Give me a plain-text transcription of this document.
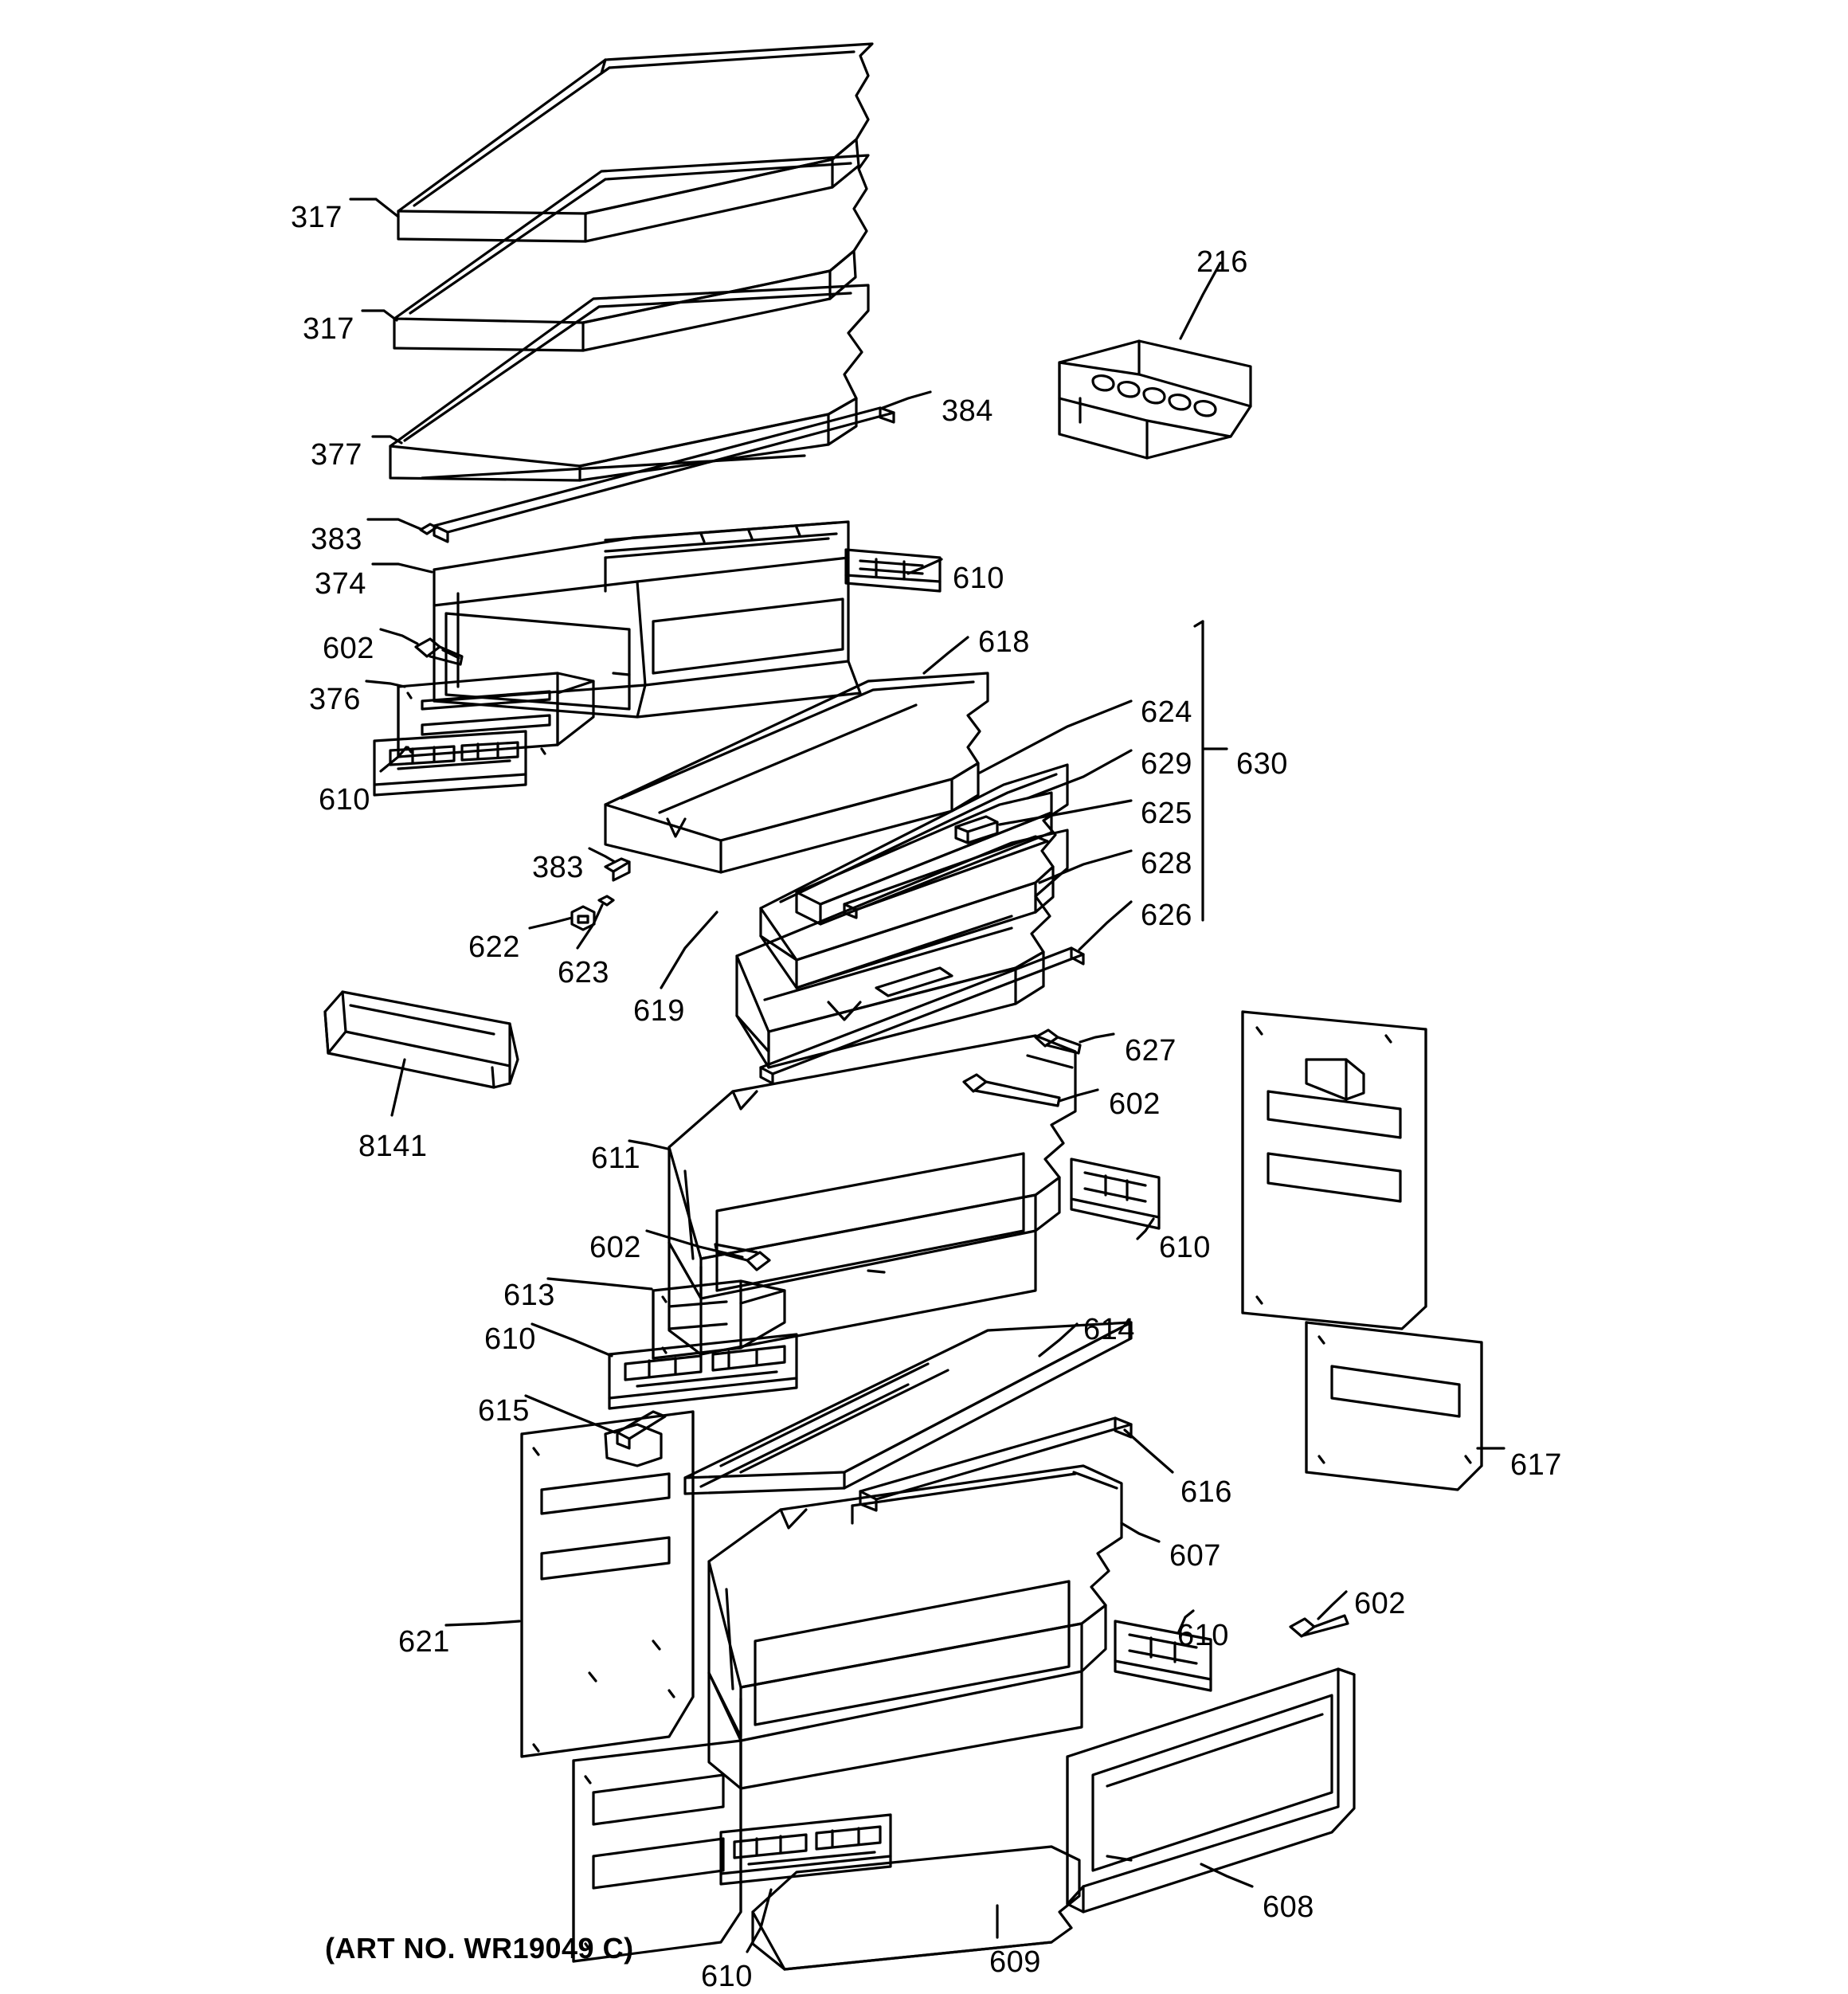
317
317
384
377
383
374	610
602	618
376	624
629 630
610	625
628
383
626
622
623
619
627
602
8141	611
610
602
613
614
610
615
616
607
602
610
617
621
608
609
610
216
(ART NO. WR19049 C)
